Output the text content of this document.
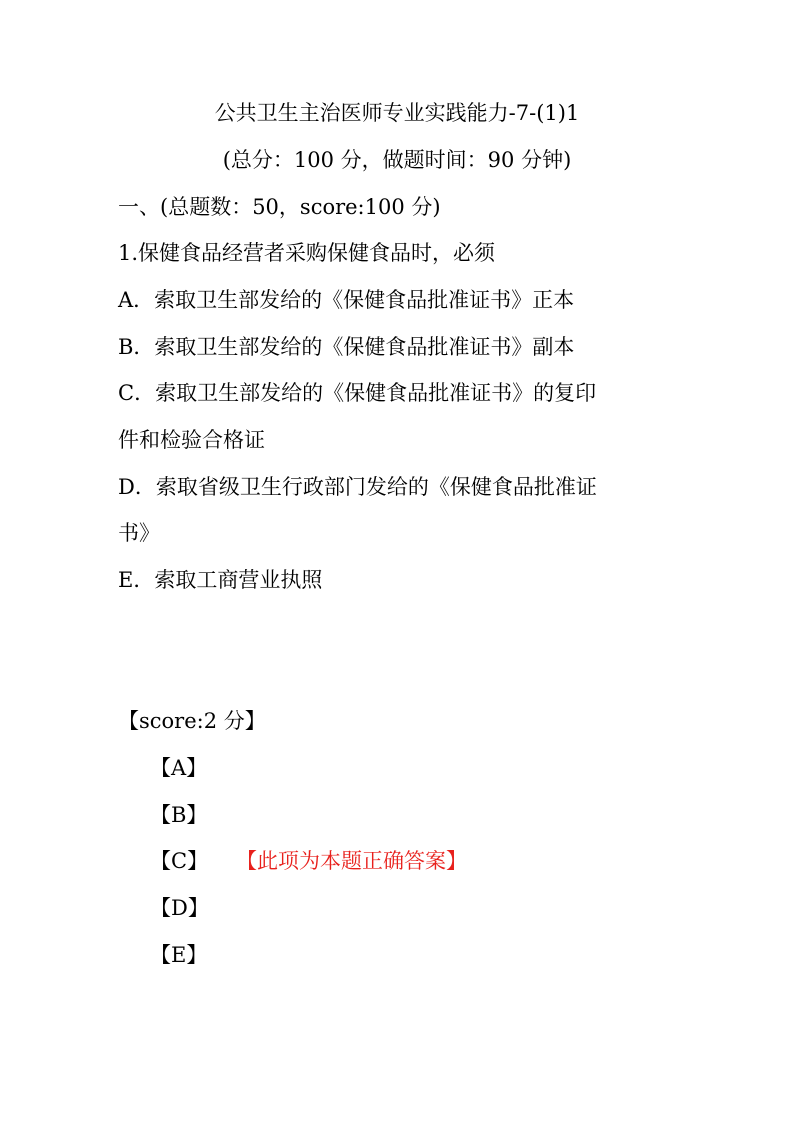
公共卫生主治医师专业实践能力-7-(1)1
(总分：100 分，做题时间：90 分钟)
一、(总题数：50，score:100 分)
1.保健食品经营者采购保健食品时，必须
A．索取卫生部发给的《保健食品批准证书》正本
B．索取卫生部发给的《保健食品批准证书》副本
C．索取卫生部发给的《保健食品批准证书》的复印
件和检验合格证
D．索取省级卫生行政部门发给的《保健食品批准证
书》
E．索取工商营业执照
【score:2 分】
【A】
【B】
【C】 【此项为本题正确答案】
【D】
【E】
